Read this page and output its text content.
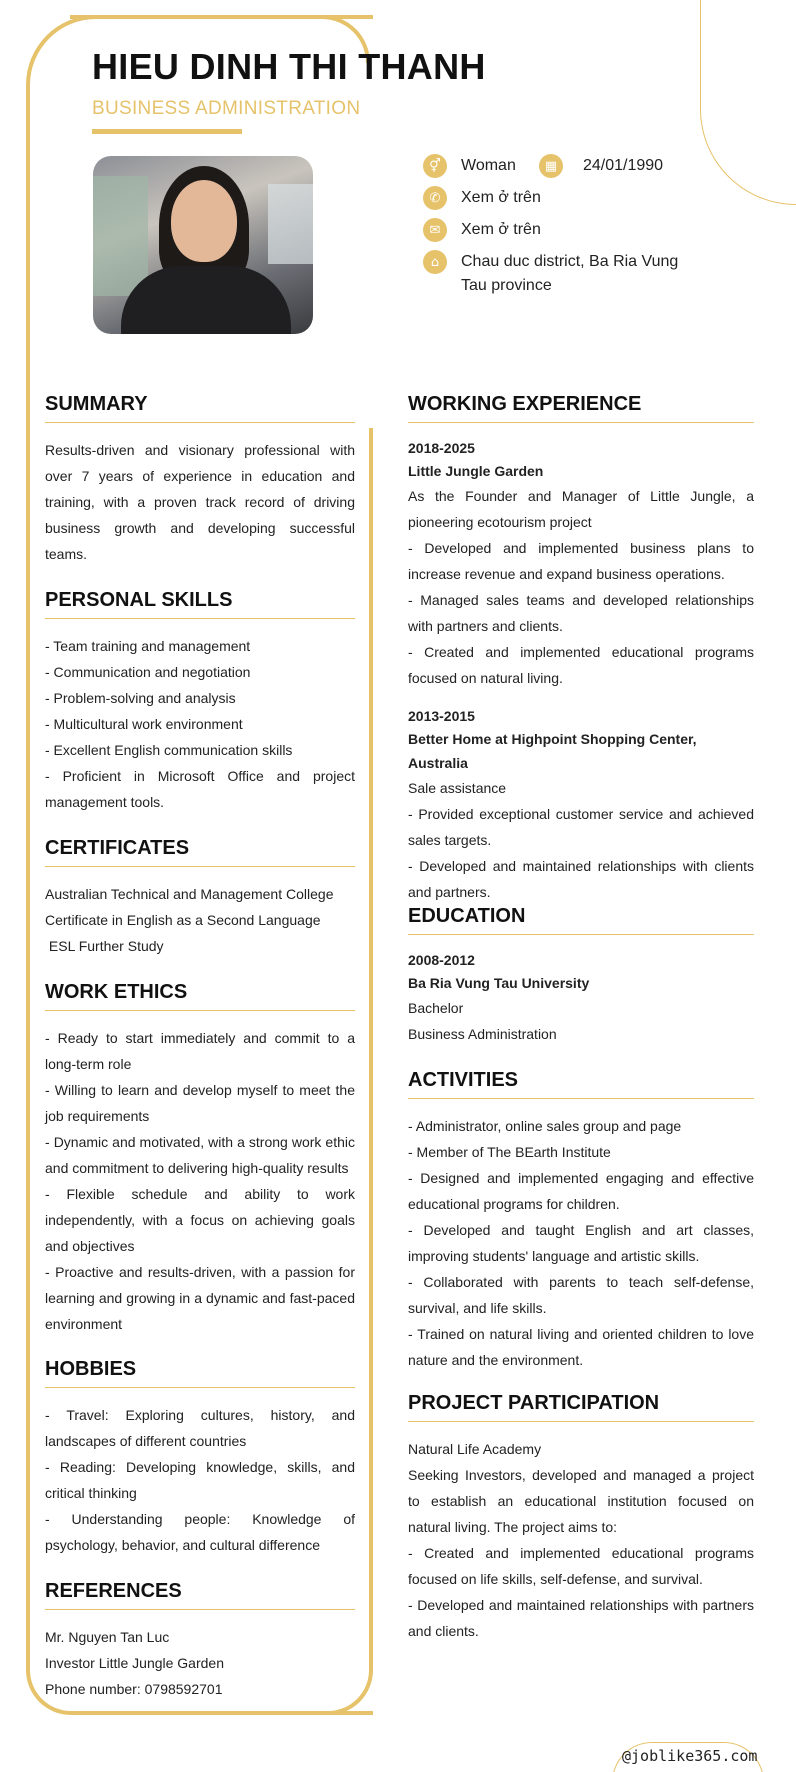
HIEU DINH THI THANH
BUSINESS ADMINISTRATION
⚥	Woman	▦	24/01/1990
✆	Xem ở trên
✉	Xem ở trên
⌂	Chau duc district, Ba Ria Vung
Tau province
SUMMARY
Results-driven and visionary professional with over 7 years of experience in education and training, with a proven track record of driving business growth and developing successful teams.
PERSONAL SKILLS
- Team training and management
- Communication and negotiation
- Problem-solving and analysis
- Multicultural work environment
- Excellent English communication skills
- Proficient in Microsoft Office and project management tools.
CERTIFICATES
Australian Technical and Management College
Certificate in English as a Second Language
ESL Further Study
WORK ETHICS
- Ready to start immediately and commit to a long-term role
- Willing to learn and develop myself to meet the job requirements
- Dynamic and motivated, with a strong work ethic and commitment to delivering high-quality results
- Flexible schedule and ability to work independently, with a focus on achieving goals and objectives
- Proactive and results-driven, with a passion for learning and growing in a dynamic and fast-paced environment
HOBBIES
- Travel: Exploring cultures, history, and landscapes of different countries
- Reading: Developing knowledge, skills, and critical thinking
- Understanding people: Knowledge of psychology, behavior, and cultural difference
REFERENCES
Mr. Nguyen Tan Luc
Investor Little Jungle Garden
Phone number: 0798592701
WORKING EXPERIENCE
2018-2025
Little Jungle Garden
As the Founder and Manager of Little Jungle, a pioneering ecotourism project
- Developed and implemented business plans to increase revenue and expand business operations.
- Managed sales teams and developed relationships with partners and clients.
- Created and implemented educational programs focused on natural living.
2013-2015
Better Home at Highpoint Shopping Center, Australia
Sale assistance
- Provided exceptional customer service and achieved sales targets.
- Developed and maintained relationships with clients and partners.
EDUCATION
2008-2012
Ba Ria Vung Tau University
Bachelor
Business Administration
ACTIVITIES
- Administrator, online sales group and page
- Member of The BEarth Institute
- Designed and implemented engaging and effective educational programs for children.
- Developed and taught English and art classes, improving students' language and artistic skills.
- Collaborated with parents to teach self-defense, survival, and life skills.
- Trained on natural living and oriented children to love nature and the environment.
PROJECT PARTICIPATION
Natural Life Academy
Seeking Investors, developed and managed a project to establish an educational institution focused on natural living. The project aims to:
- Created and implemented educational programs focused on life skills, self-defense, and survival.
- Developed and maintained relationships with partners and clients.
@joblike365.com
